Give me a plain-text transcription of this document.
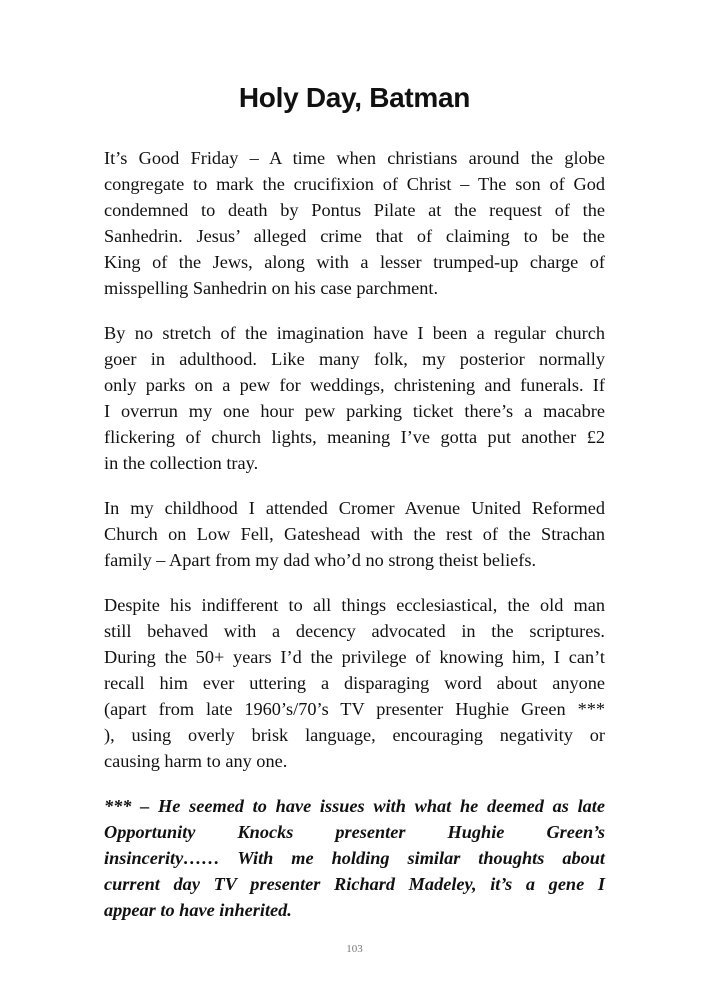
Holy Day, Batman
It’s Good Friday – A time when christians around the globe
congregate to mark the crucifixion of Christ – The son of God
condemned to death by Pontus Pilate at the request of the
Sanhedrin. Jesus’ alleged crime that of claiming to be the
King of the Jews, along with a lesser trumped-up charge of
misspelling Sanhedrin on his case parchment.
By no stretch of the imagination have I been a regular church
goer in adulthood. Like many folk, my posterior normally
only parks on a pew for weddings, christening and funerals. If
I overrun my one hour pew parking ticket there’s a macabre
flickering of church lights, meaning I’ve gotta put another £2
in the collection tray.
In my childhood I attended Cromer Avenue United Reformed
Church on Low Fell, Gateshead with the rest of the Strachan
family – Apart from my dad who’d no strong theist beliefs.
Despite his indifferent to all things ecclesiastical, the old man
still behaved with a decency advocated in the scriptures.
During the 50+ years I’d the privilege of knowing him, I can’t
recall him ever uttering a disparaging word about anyone
(apart from late 1960’s/70’s TV presenter Hughie Green ***
), using overly brisk language, encouraging negativity or
causing harm to any one.
*** – He seemed to have issues with what he deemed as late
Opportunity Knocks presenter Hughie Green’s
insincerity…… With me holding similar thoughts about
current day TV presenter Richard Madeley, it’s a gene I
appear to have inherited.
103
